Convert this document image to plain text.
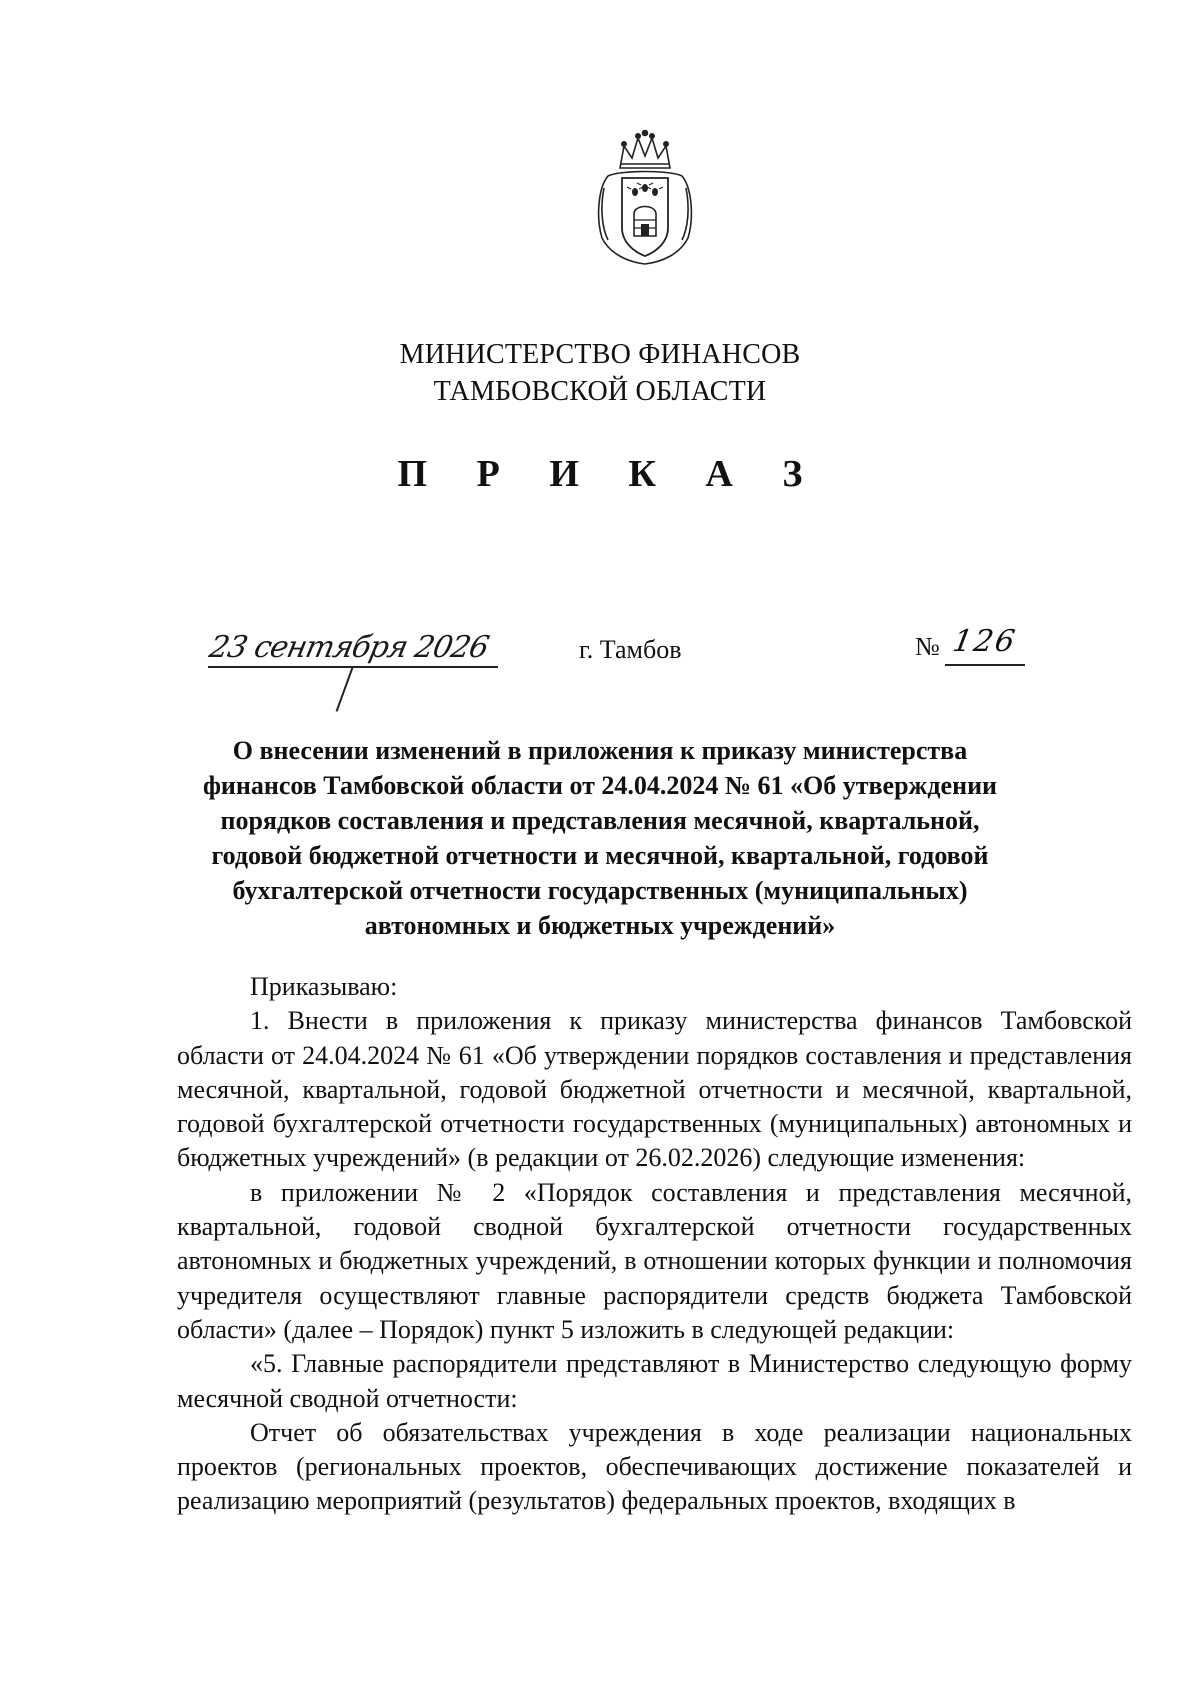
МИНИСТЕРСТВО ФИНАНСОВ
ТАМБОВСКОЙ ОБЛАСТИ
П Р И К А З
23 сентября 2026	г. Тамбов	№ 126
О внесении изменений в приложения к приказу министерства финансов Тамбовской области от 24.04.2024 № 61 «Об утверждении порядков составления и представления месячной, квартальной, годовой бюджетной отчетности и месячной, квартальной, годовой бухгалтерской отчетности государственных (муниципальных) автономных и бюджетных учреждений»

Приказываю:

1. Внести в приложения к приказу министерства финансов Тамбовской области от 24.04.2024 № 61 «Об утверждении порядков составления и представления месячной, квартальной, годовой бюджетной отчетности и месячной, квартальной, годовой бухгалтерской отчетности государственных (муниципальных) автономных и бюджетных учреждений» (в редакции от 26.02.2026) следующие изменения:

в приложении № 2 «Порядок составления и представления месячной, квартальной, годовой сводной бухгалтерской отчетности государственных автономных и бюджетных учреждений, в отношении которых функции и полномочия учредителя осуществляют главные распорядители средств бюджета Тамбовской области» (далее – Порядок) пункт 5 изложить в следующей редакции:

«5. Главные распорядители представляют в Министерство следующую форму месячной сводной отчетности:

Отчет об обязательствах учреждения в ходе реализации национальных проектов (региональных проектов, обеспечивающих достижение показателей и реализацию мероприятий (результатов) федеральных проектов, входящих в
